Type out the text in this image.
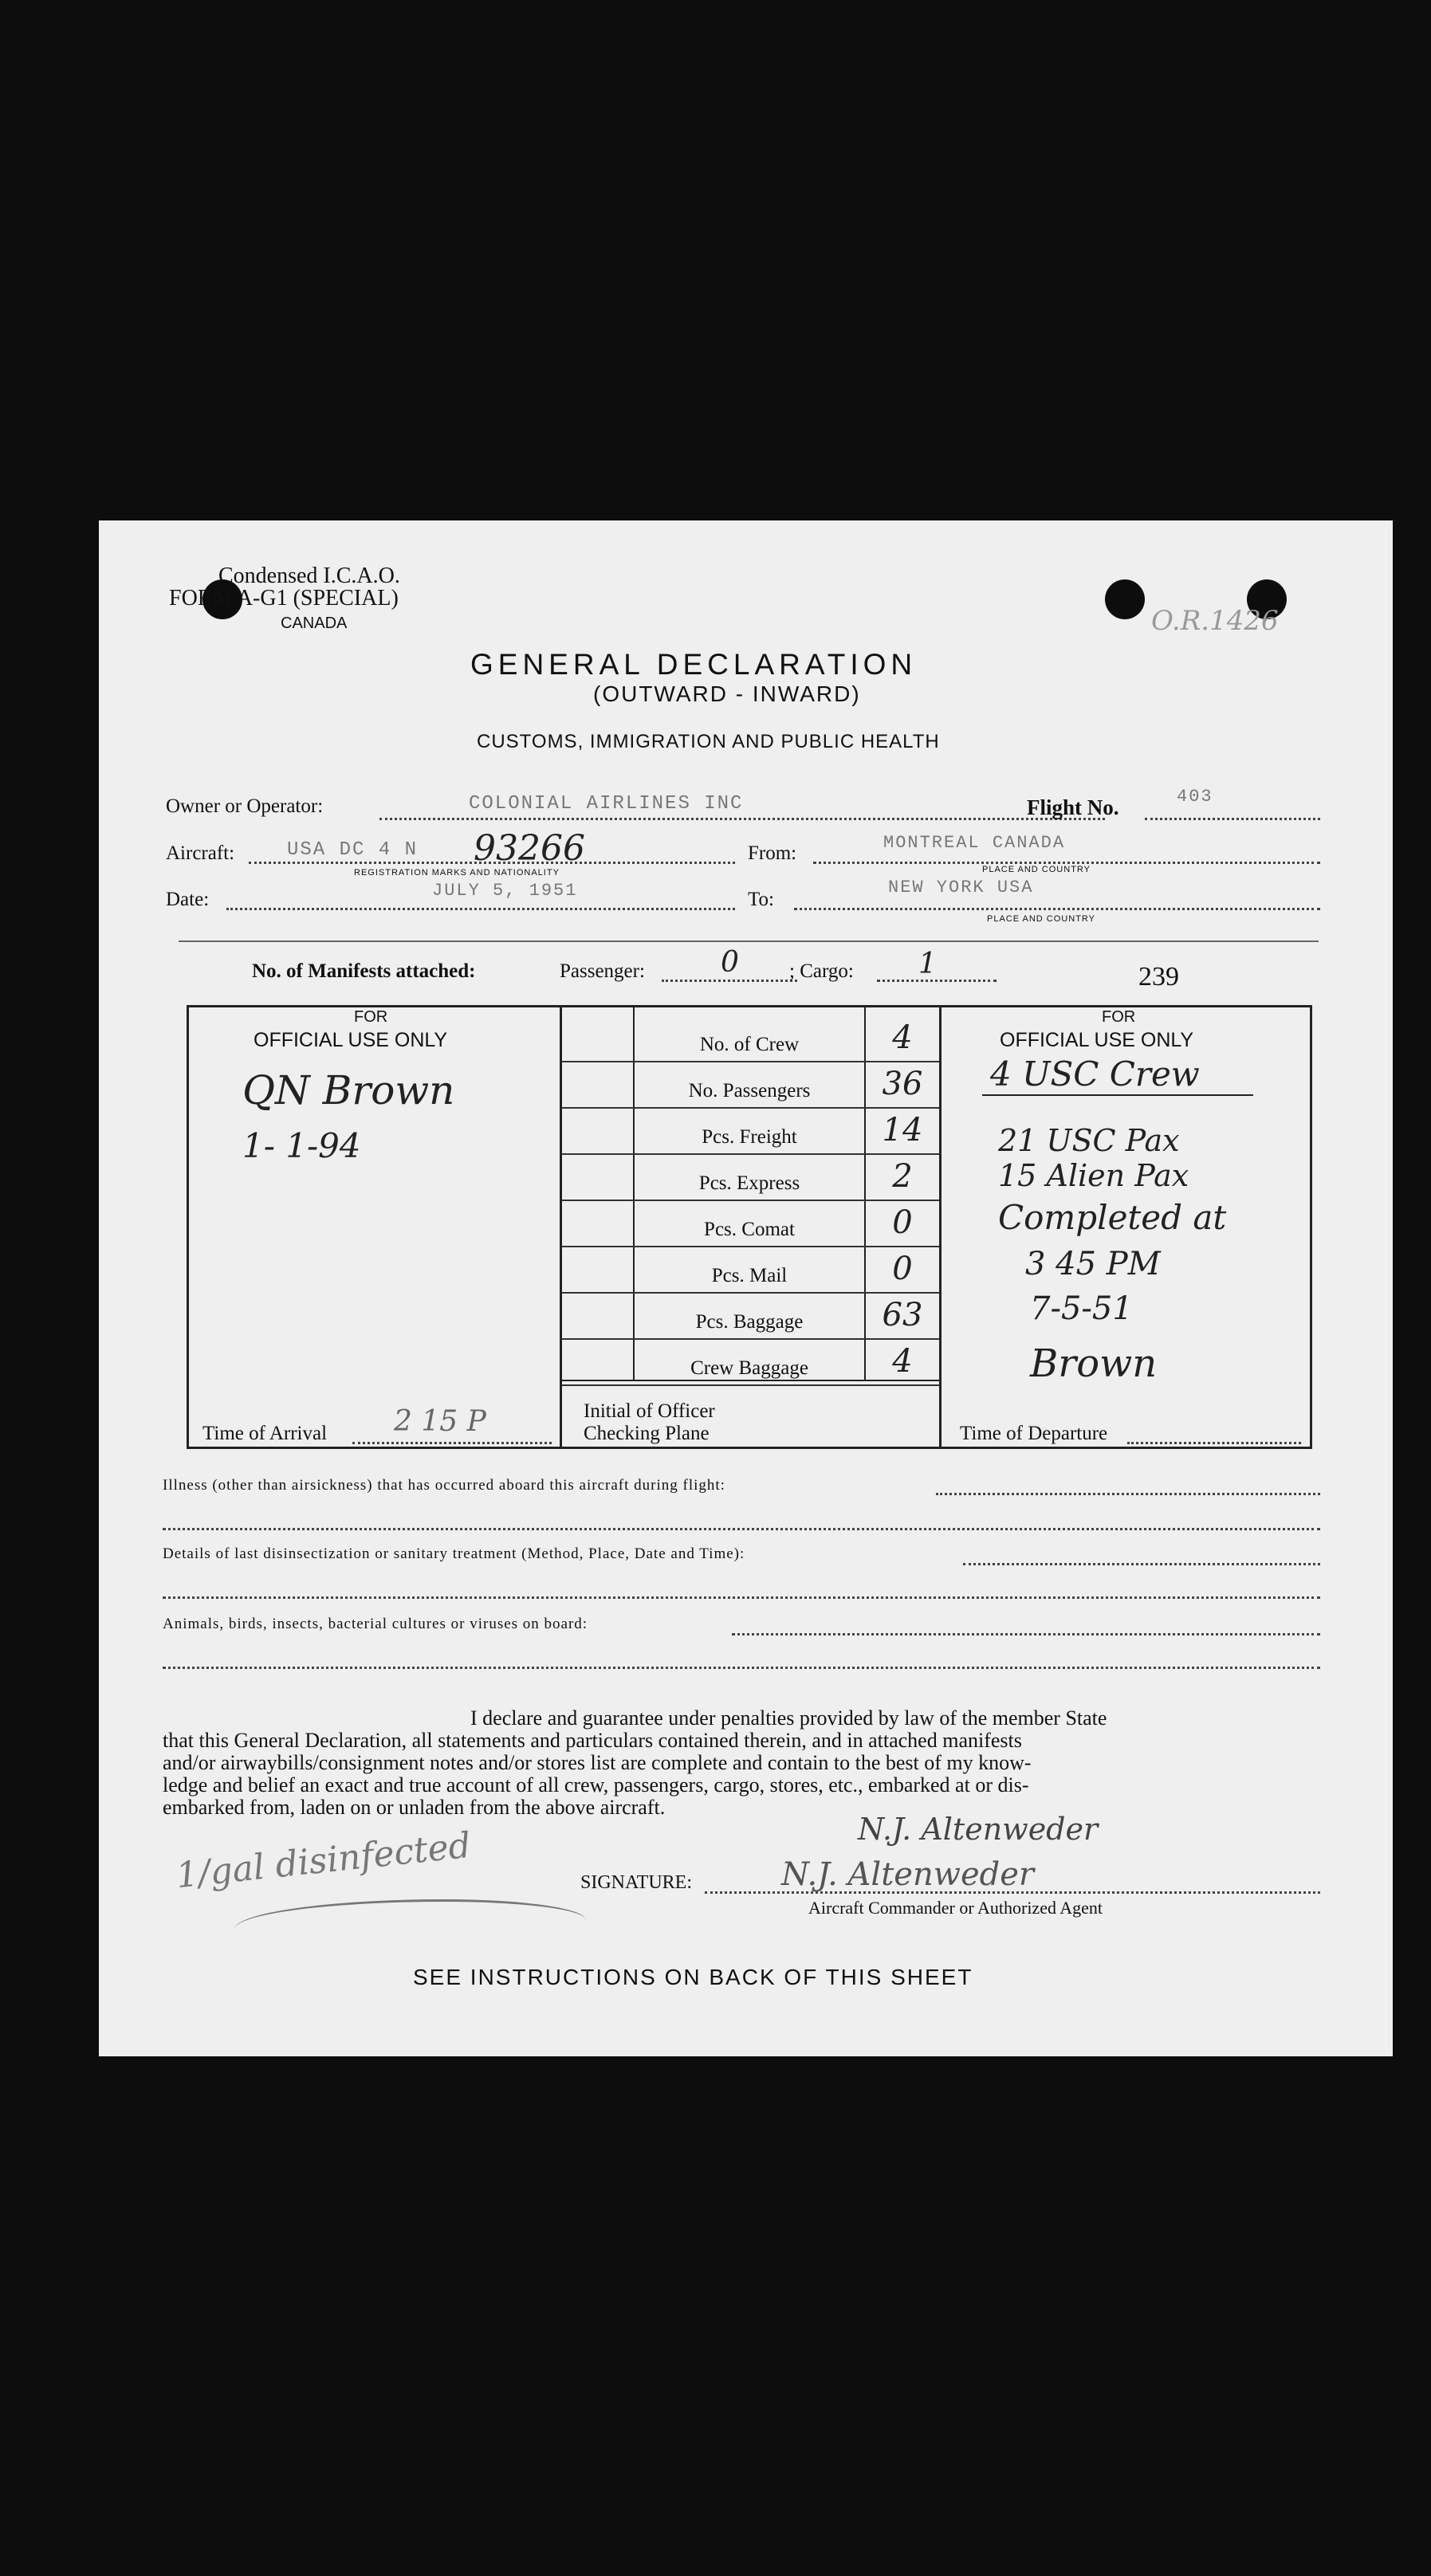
Condensed I.C.A.O.
FORM A-G1 (SPECIAL)
CANADA	O.R.1426
GENERAL DECLARATION
(OUTWARD - INWARD)
CUSTOMS, IMMIGRATION AND PUBLIC HEALTH
Owner or Operator:	COLONIAL AIRLINES INC	Flight No.	403
Aircraft:	USA DC 4 N 93266
REGISTRATION MARKS AND NATIONALITY
From:	MONTREAL CANADA
PLACE AND COUNTRY
Date:	JULY 5, 1951	To:
NEW YORK USA
PLACE AND COUNTRY
No. of Manifests attached:	Passenger:	0	; Cargo: 1	239
FOR
OFFICIAL USE ONLY
QN Brown
1- 1-94
Time of Arrival 2 15 P	Initial of Officer
Checking Plane
FOR
OFFICIAL USE ONLY
4 USC Crew
21 USC Pax
15 Alien Pax
Completed at
3 45 PM
7-5-51
Brown
Time of Departure
Illness (other than airsickness) that has occurred aboard this aircraft during flight:
Details of last disinsectization or sanitary treatment (Method, Place, Date and Time):
Animals, birds, insects, bacterial cultures or viruses on board:
I declare and guarantee under penalties provided by law of the member State
that this General Declaration, all statements and particulars contained therein, and in attached manifests
and/or airwaybills/consignment notes and/or stores list are complete and contain to the best of my know-
ledge and belief an exact and true account of all crew, passengers, cargo, stores, etc., embarked at or dis-
embarked from, laden on or unladen from the above aircraft.
1/gal disinfected	N.J. Altenweder
SIGNATURE:	N.J. Altenweder
Aircraft Commander or Authorized Agent
SEE INSTRUCTIONS ON BACK OF THIS SHEET
No. of Crew	4
No. Passengers	36
Pcs. Freight	14
Pcs. Express	2
Pcs. Comat	0
Pcs. Mail	0
Pcs. Baggage	63
Crew Baggage	4
